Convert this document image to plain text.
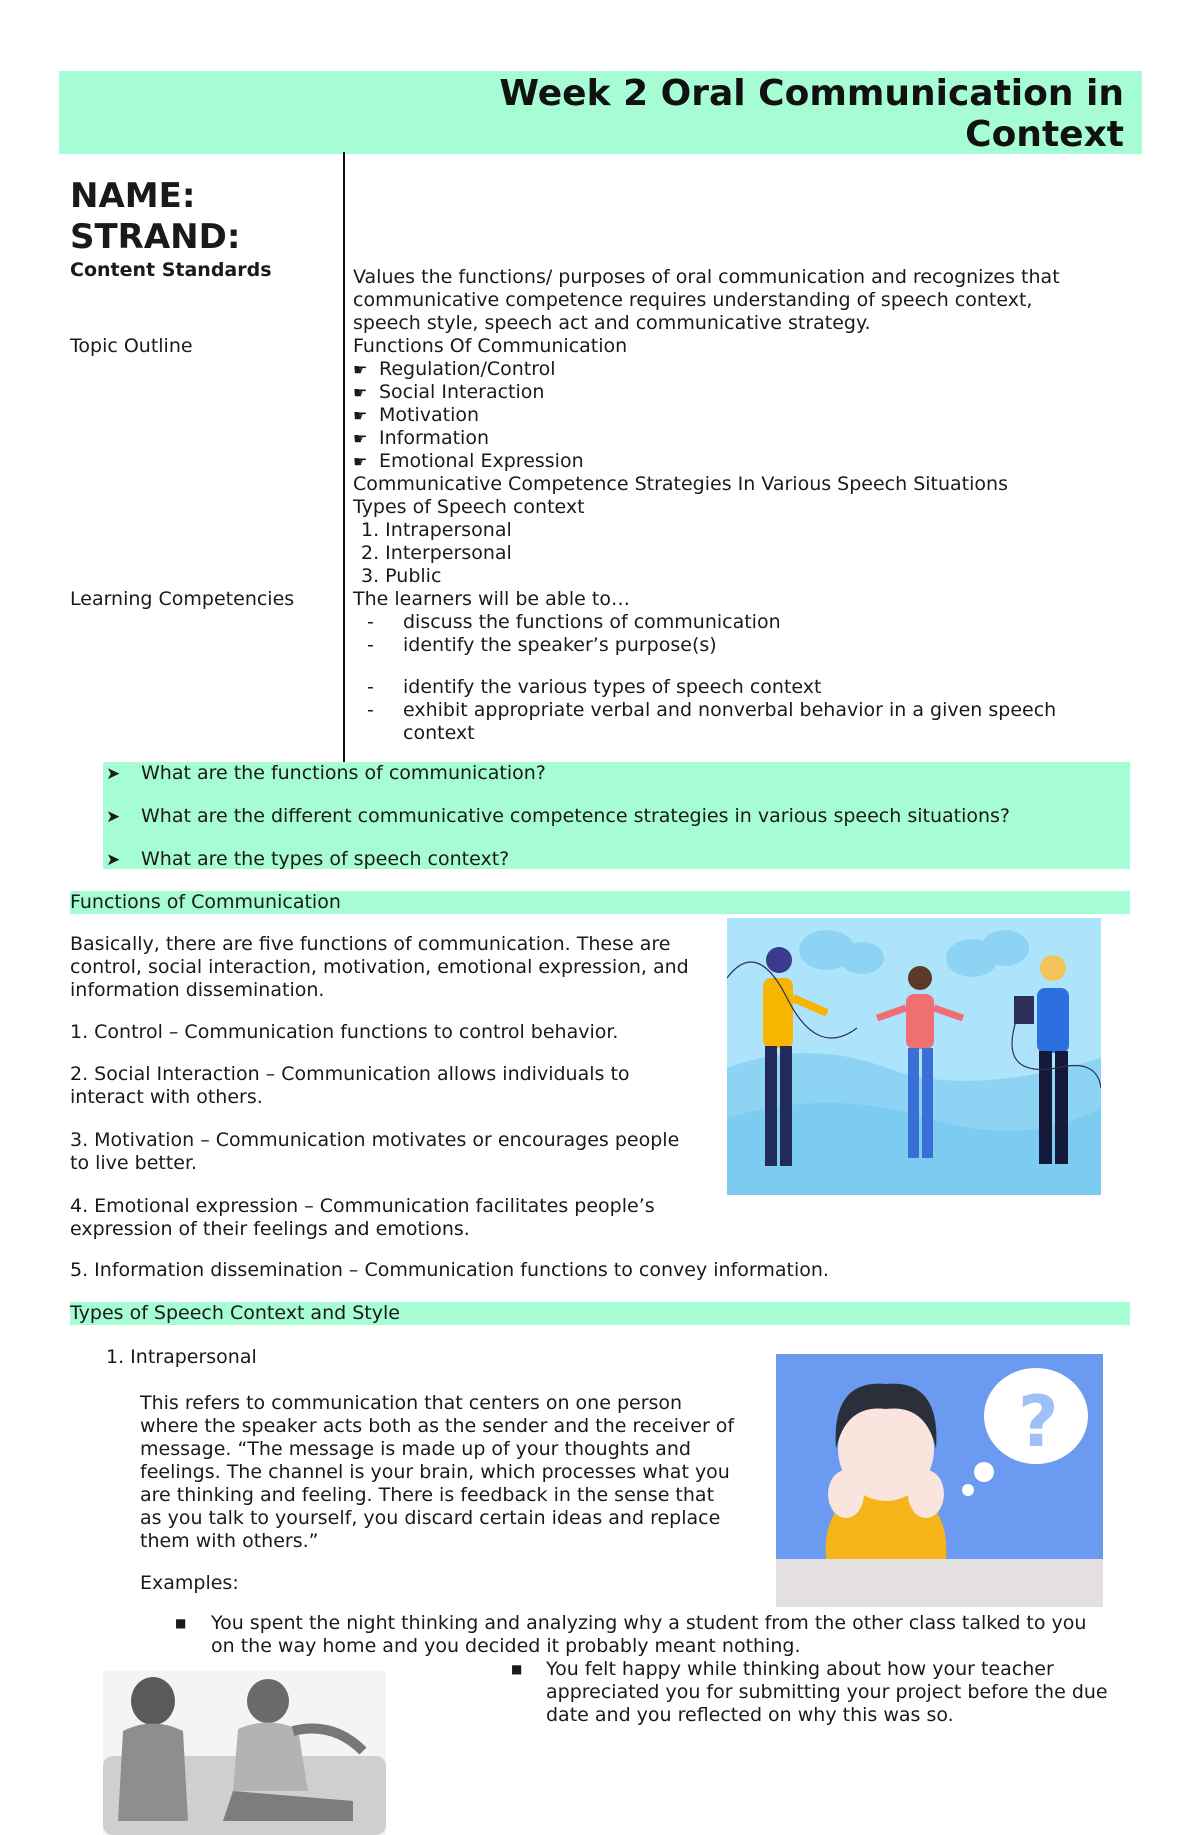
Week 2 Oral Communication in
Context
NAME:
STRAND:
Content Standards	Values the functions/ purposes of oral communication and recognizes that

communicative competence requires understanding of speech context,

speech style, speech act and communicative strategy.

Topic Outline	Functions Of Communication

☛ Regulation/Control

☛ Social Interaction

☛ Motivation

☛ Information

☛ Emotional Expression

Communicative Competence Strategies In Various Speech Situations

Types of Speech context

1. Intrapersonal

2. Interpersonal

3. Public

Learning Competencies	The learners will be able to…

- discuss the functions of communication

- identify the speaker’s purpose(s)

- identify the various types of speech context

- exhibit appropriate verbal and nonverbal behavior in a given speech

context

➤ What are the functions of communication?
➤ What are the different communicative competence strategies in various speech situations?
➤ What are the types of speech context?
Functions of Communication

Basically, there are five functions of communication. These are

control, social interaction, motivation, emotional expression, and

information dissemination.

1. Control – Communication functions to control behavior.

2. Social Interaction – Communication allows individuals to

interact with others.

3. Motivation – Communication motivates or encourages people

to live better.

4. Emotional expression – Communication facilitates people’s

expression of their feelings and emotions.

5. Information dissemination – Communication functions to convey information.
Types of Speech Context and Style
1. Intrapersonal

This refers to communication that centers on one person

where the speaker acts both as the sender and the receiver of

message. “The message is made up of your thoughts and

feelings. The channel is your brain, which processes what you

are thinking and feeling. There is feedback in the sense that

as you talk to yourself, you discard certain ideas and replace

them with others.”

Examples:

■	You spent the night thinking and analyzing why a student from the other class talked to you

on the way home and you decided it probably meant nothing.

■	You felt happy while thinking about how your teacher

appreciated you for submitting your project before the due

date and you reflected on why this was so.

?
